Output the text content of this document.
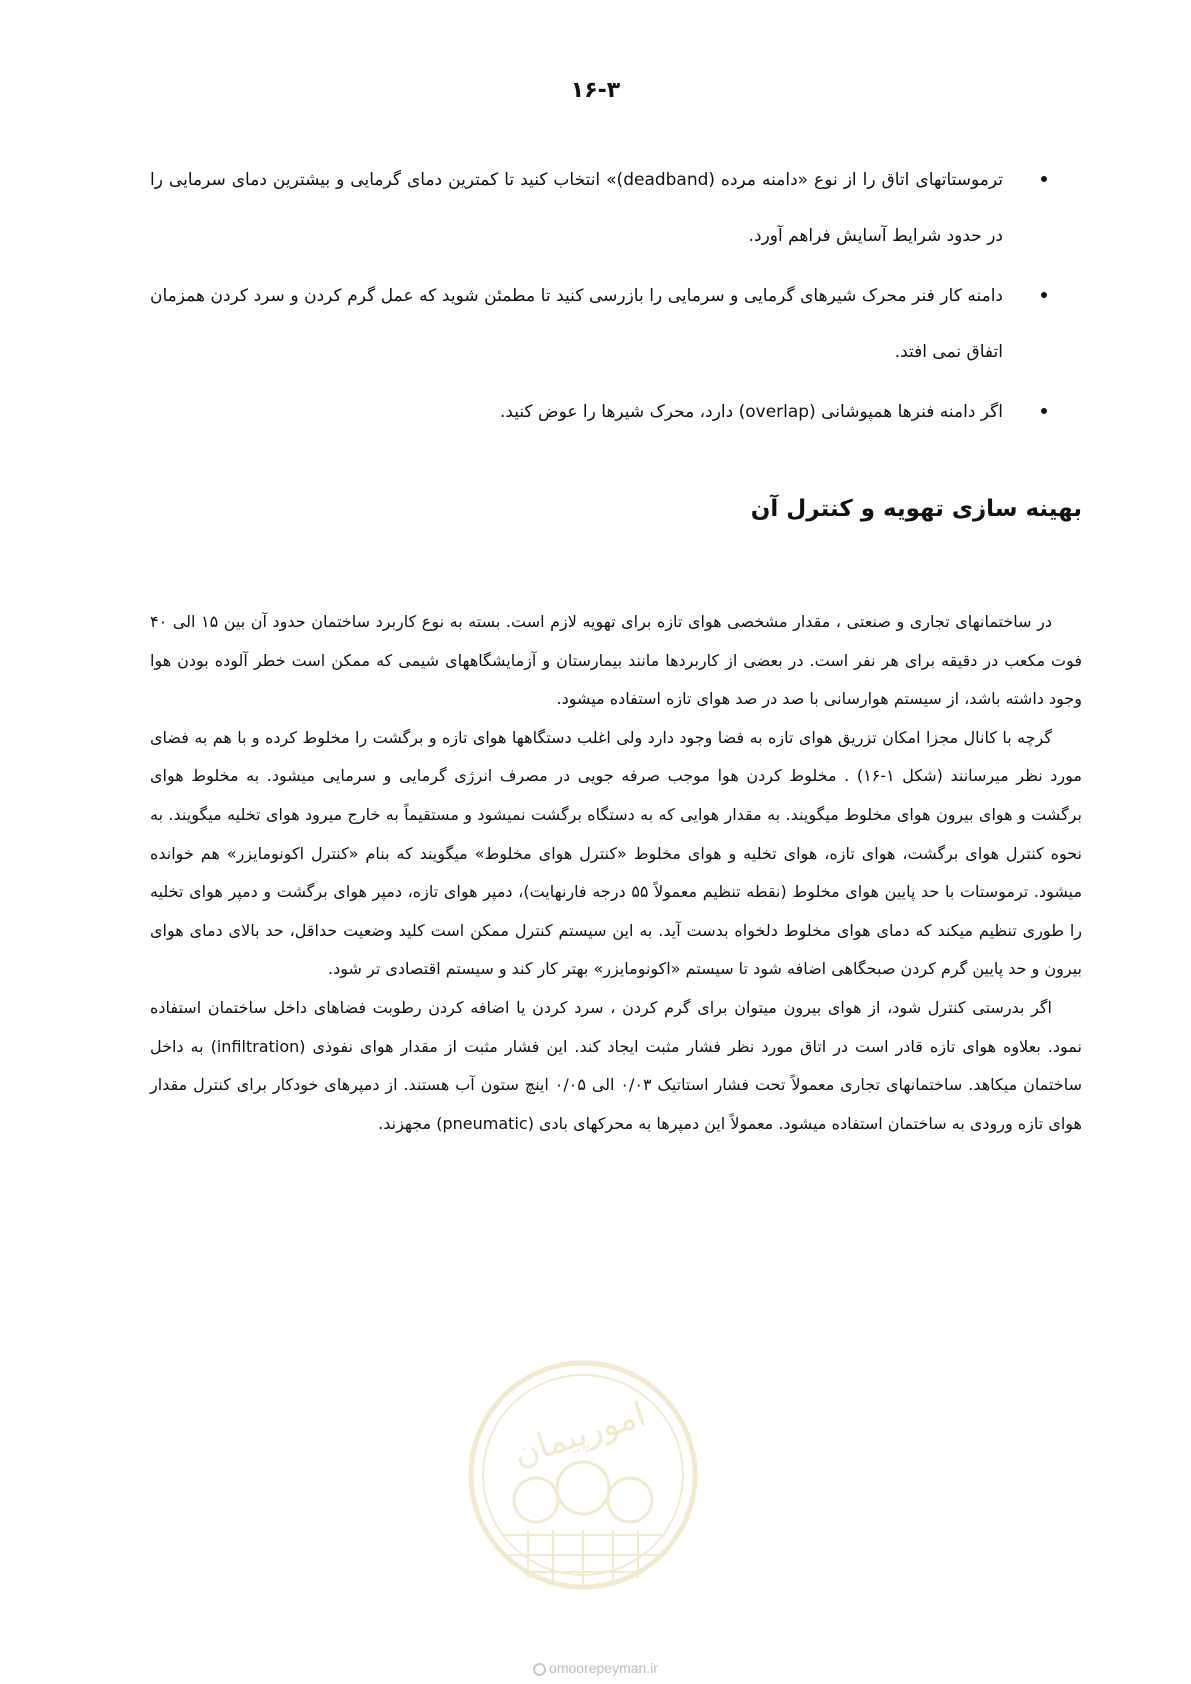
۱۶-۳
ترموستاتهای اتاق را از نوع «دامنه مرده (deadband)» انتخاب کنید تا کمترین دمای گرمایی و بیشترین دمای سرمایی را در حدود شرایط آسایش فراهم آورد.
دامنه کار فنر محرک شیرهای گرمایی و سرمایی را بازرسی کنید تا مطمئن شوید که عمل گرم کردن و سرد کردن همزمان اتفاق نمی افتد.
اگر دامنه فنرها همپوشانی (overlap) دارد، محرک شیرها را عوض کنید.
بهینه سازی تهویه و کنترل آن

در ساختمانهای تجاری و صنعتی ، مقدار مشخصی هوای تازه برای تهویه لازم است. بسته به نوع کاربرد ساختمان حدود آن بین ۱۵ الی ۴۰ فوت مکعب در دقیقه برای هر نفر است. در بعضی از کاربردها مانند بیمارستان و آزمایشگاههای شیمی که ممکن است خطر آلوده بودن هوا وجود داشته باشد، از سیستم هوارسانی با صد در صد هوای تازه استفاده میشود.

گرچه با کانال مجزا امکان تزریق هوای تازه به فضا وجود دارد ولی اغلب دستگاهها هوای تازه و برگشت را مخلوط کرده و با هم به فضای مورد نظر میرسانند (شکل ۱-۱۶) . مخلوط کردن هوا موجب صرفه جویی در مصرف انرژی گرمایی و سرمایی میشود. به مخلوط هوای برگشت و هوای بیرون هوای مخلوط میگویند. به مقدار هوایی که به دستگاه برگشت نمیشود و مستقیماً به خارج میرود هوای تخلیه میگویند. به نحوه کنترل هوای برگشت، هوای تازه، هوای تخلیه و هوای مخلوط «کنترل هوای مخلوط» میگویند که بنام «کنترل اکونومایزر» هم خوانده میشود. ترموستات با حد پایین هوای مخلوط (نقطه تنظیم معمولاً ۵۵ درجه فارنهایت)، دمپر هوای تازه، دمپر هوای برگشت و دمپر هوای تخلیه را طوری تنظیم میکند که دمای هوای مخلوط دلخواه بدست آید. به این سیستم کنترل ممکن است کلید وضعیت حداقل، حد بالای دمای هوای بیرون و حد پایین گرم کردن صبحگاهی اضافه شود تا سیستم «اکونومایزر» بهتر کار کند و سیستم اقتصادی تر شود.

اگر بدرستی کنترل شود، از هوای بیرون میتوان برای گرم کردن ، سرد کردن یا اضافه کردن رطوبت فضاهای داخل ساختمان استفاده نمود. بعلاوه هوای تازه قادر است در اتاق مورد نظر فشار مثبت ایجاد کند. این فشار مثبت از مقدار هوای نفوذی (infiltration) به داخل ساختمان میکاهد. ساختمانهای تجاری معمولاً تحت فشار استاتیک ۰/۰۳ الی ۰/۰۵ اینچ ستون آب هستند. از دمپرهای خودکار برای کنترل مقدار هوای تازه ورودی به ساختمان استفاده میشود. معمولاً این دمپرها به محرکهای بادی (pneumatic) مجهزند.

امورپیمان
omoorepeyman.ir
